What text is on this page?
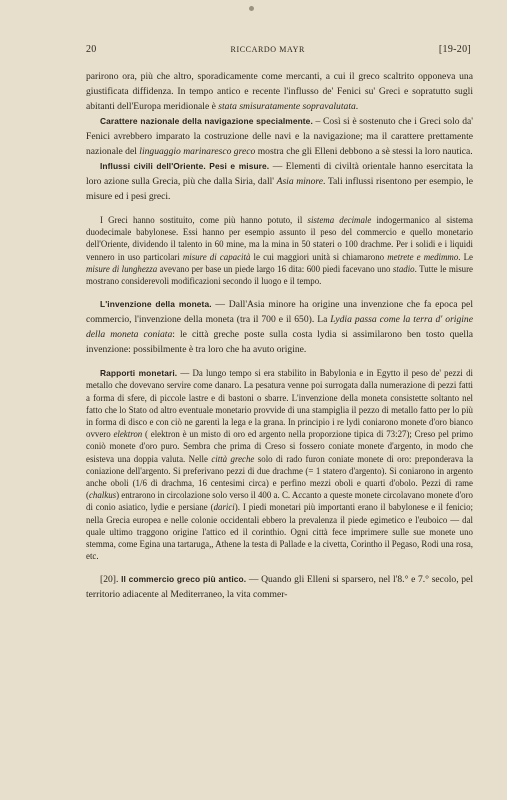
20	RICCARDO MAYR	[19-20]

parirono ora, più che altro, sporadicamente come mercanti, a cui il greco scaltrito opponeva una giustificata diffidenza. In tempo antico e recente l'influsso de' Fenici su' Greci e sopratutto sugli abitanti dell'Europa meridionale è stata smisuratamente sopravalutata.

Carattere nazionale della navigazione specialmente. – Così si è sostenuto che i Greci solo da' Fenici avrebbero imparato la costruzione delle navi e la navigazione; ma il carattere prettamente nazionale del linguaggio marinaresco greco mostra che gli Elleni debbono a sè stessi la loro nautica.

Influssi civili dell'Oriente. Pesi e misure. — Elementi di civiltà orientale hanno esercitata la loro azione sulla Grecia, più che dalla Siria, dall' Asia minore. Tali influssi risentono per esempio, le misure ed i pesi greci.

I Greci hanno sostituito, come più hanno potuto, il sistema decimale indogermanico al sistema duodecimale babylonese. Essi hanno per esempio assunto il peso del commercio e quello monetario dell'Oriente, dividendo il talento in 60 mine, ma la mina in 50 stateri o 100 drachme. Per i solidi e i liquidi vennero in uso particolari misure di capacità le cui maggiori unità si chiamarono metrete e medimmo. Le misure di lunghezza avevano per base un piede largo 16 dita: 600 piedi facevano uno stadio. Tutte le misure mostrano considerevoli modificazioni secondo il luogo e il tempo.

L'invenzione della moneta. — Dall'Asia minore ha origine una invenzione che fa epoca pel commercio, l'invenzione della moneta (tra il 700 e il 650). La Lydia passa come la terra d' origine della moneta coniata: le città greche poste sulla costa lydia si assimilarono ben tosto quella invenzione: possibilmente è tra loro che ha avuto origine.

Rapporti monetari. — Da lungo tempo si era stabilito in Babylonia e in Egytto il peso de' pezzi di metallo che dovevano servire come danaro. La pesatura venne poi surrogata dalla numerazione di pezzi fatti a forma di sfere, di piccole lastre e di bastoni o sbarre. L'invenzione della moneta consistette soltanto nel fatto che lo Stato od altro eventuale monetario provvide di una stampiglia il pezzo di metallo fatto per lo più in forma di disco e con ciò ne garentì la lega e la grana. In principio i re lydi coniarono monete d'oro bianco ovvero elektron ( elektron è un misto di oro ed argento nella proporzione tipica di 73:27); Creso pel primo coniò monete d'oro puro. Sembra che prima di Creso si fossero coniate monete d'argento, in modo che esisteva una doppia valuta. Nelle città greche solo di rado furon coniate monete di oro: preponderava la coniazione dell'argento. Si preferivano pezzi di due drachme (= 1 statero d'argento). Si coniarono in argento anche oboli (1/6 di drachma, 16 centesimi circa) e perfino mezzi oboli e quarti d'obolo. Pezzi di rame (chalkus) entrarono in circolazione solo verso il 400 a. C. Accanto a queste monete circolavano monete d'oro di conio asiatico, lydie e persiane (darici). I piedi monetari più importanti erano il babylonese e il fenicio; nella Grecia europea e nelle colonie occidentali ebbero la prevalenza il piede egimetico e l'euboico — dal quale ultimo traggono origine l'attico ed il corinthio. Ogni città fece imprimere sulle sue monete uno stemma, come Egina una tartaruga,, Athene la testa di Pallade e la civetta, Corintho il Pegaso, Rodi una rosa, etc.

[20]. Il commercio greco più antico. — Quando gli Elleni si sparsero, nel l'8.° e 7.° secolo, pel territorio adiacente al Mediterraneo, la vita commer-
